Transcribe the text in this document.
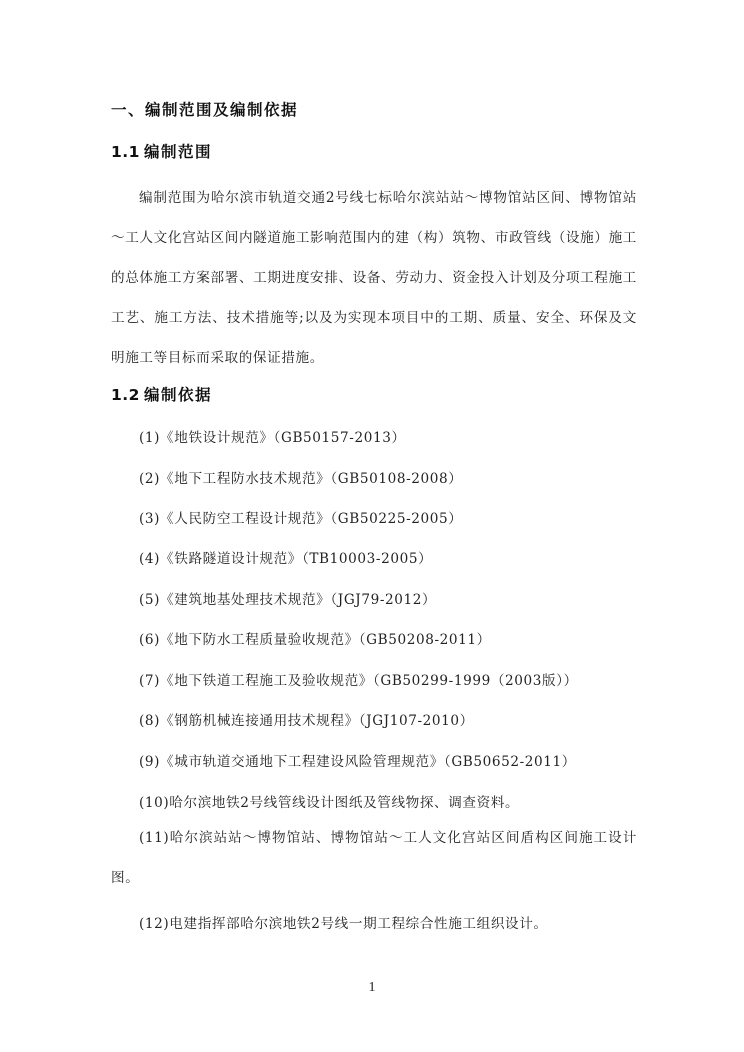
一、编制范围及编制依据
1.1 编制范围
编制范围为哈尔滨市轨道交通2号线七标哈尔滨站站～博物馆站区间、博物馆站～工人文化宫站区间内隧道施工影响范围内的建（构）筑物、市政管线（设施）施工的总体施工方案部署、工期进度安排、设备、劳动力、资金投入计划及分项工程施工工艺、施工方法、技术措施等;以及为实现本项目中的工期、质量、安全、环保及文明施工等目标而采取的保证措施。
1.2 编制依据
(1)《地铁设计规范》（GB50157-2013）
(2)《地下工程防水技术规范》（GB50108-2008）
(3)《人民防空工程设计规范》（GB50225-2005）
(4)《铁路隧道设计规范》（TB10003-2005）
(5)《建筑地基处理技术规范》（JGJ79-2012）
(6)《地下防水工程质量验收规范》（GB50208-2011）
(7)《地下铁道工程施工及验收规范》（GB50299-1999（2003版））
(8)《钢筋机械连接通用技术规程》（JGJ107-2010）
(9)《城市轨道交通地下工程建设风险管理规范》（GB50652-2011）
(10)哈尔滨地铁2号线管线设计图纸及管线物探、调查资料。
(11)哈尔滨站站～博物馆站、博物馆站～工人文化宫站区间盾构区间施工设计图。
(12)电建指挥部哈尔滨地铁2号线一期工程综合性施工组织设计。
1
